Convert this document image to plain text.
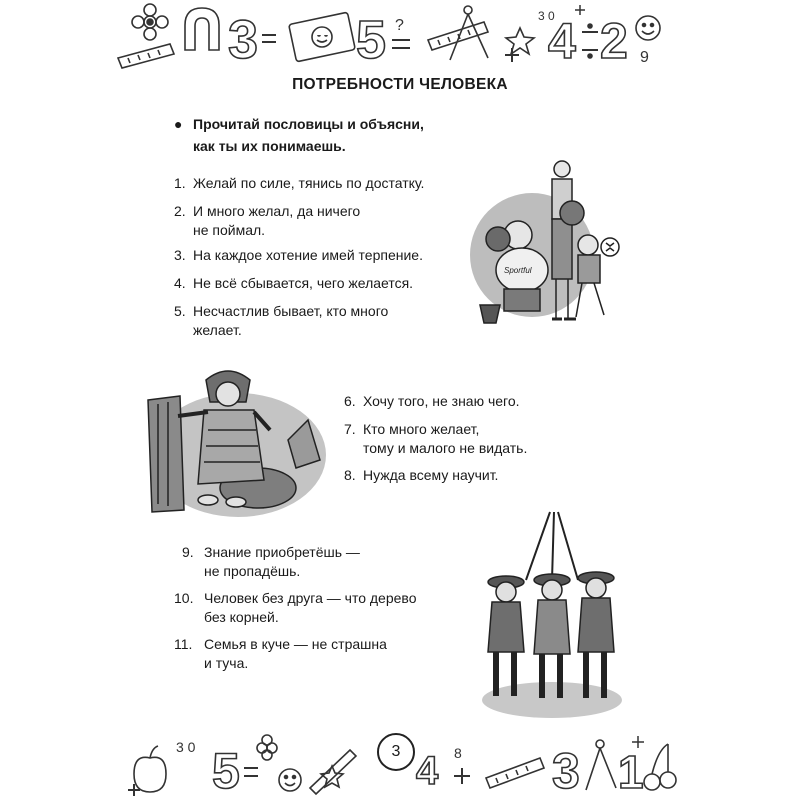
3 5 ?	4 2 9
3 0
ПОТРЕБНОСТИ ЧЕЛОВЕКА
● Прочитай пословицы и объясни,
как ты их понимаешь.
1. Желай по силе, тянись по достатку.
2. И много желал, да ничего
не поймал.
3. На каждое хотение имей терпение.
4. Не всё сбывается, чего желается.
5. Несчастлив бывает, кто много
желает.
Sportful
6. Хочу того, не знаю чего.
7. Кто много желает,
тому и малого не видать.
8. Нужда всему научит.
9. Знание приобретёшь —
не пропадёшь.
10. Человек без друга — что дерево
без корней.
11. Семья в куче — не страшна
и туча.
3 0 5	4 8 3 1
3
